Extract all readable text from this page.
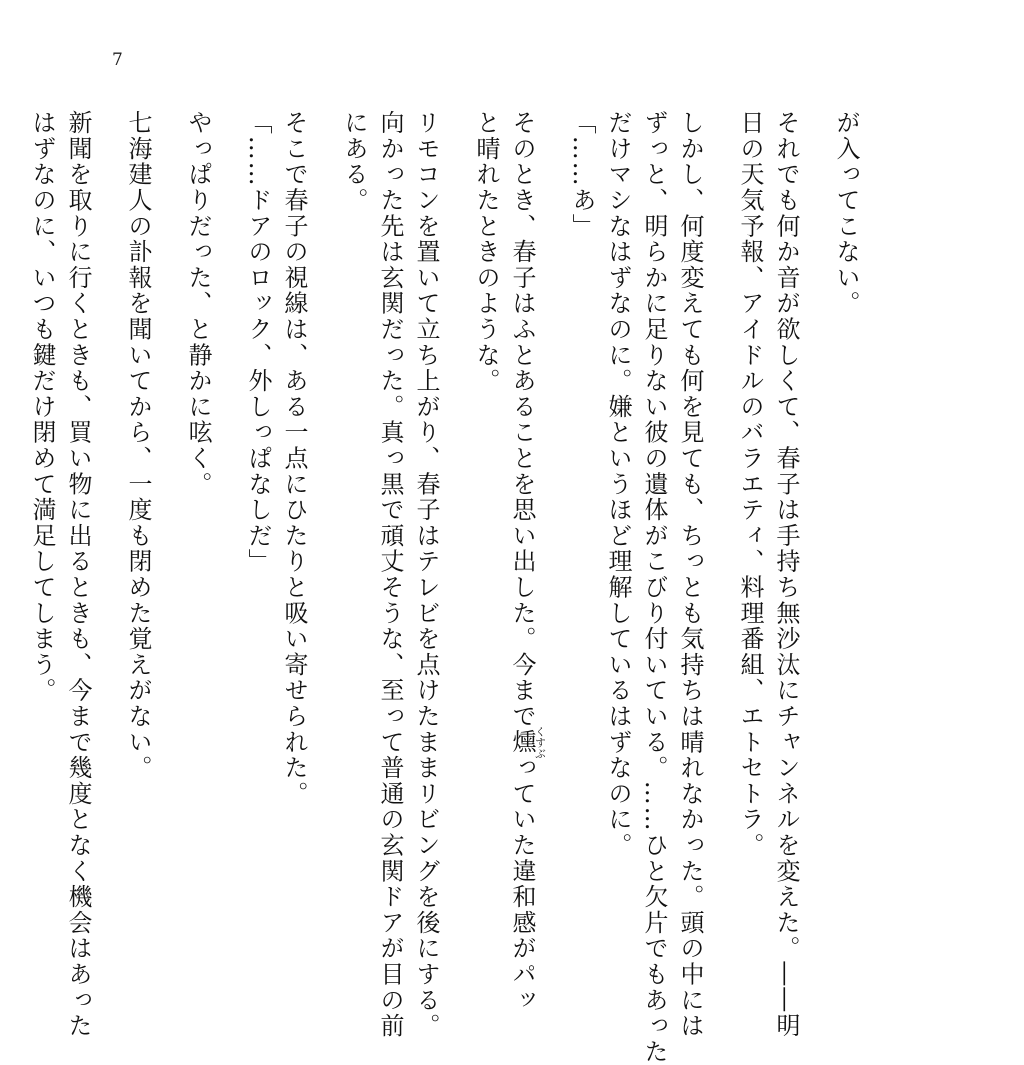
7
が入ってこない。
それでも何か音が欲しくて、春子は手持ち無沙汰にチャンネルを変えた。――明
日の天気予報、アイドルのバラエティ、料理番組、エトセトラ。
しかし、何度変えても何を見ても、ちっとも気持ちは晴れなかった。頭の中には
ずっと、明らかに足りない彼の遺体がこびり付いている。……ひと欠片でもあった
だけマシなはずなのに。嫌というほど理解しているはずなのに。
「……あ」
そのとき、春子はふとあることを思い出した。今まで燻くすぶっていた違和感がパッ
と晴れたときのような。
リモコンを置いて立ち上がり、春子はテレビを点けたままリビングを後にする。
向かった先は玄関だった。真っ黒で頑丈そうな、至って普通の玄関ドアが目の前
にある。
そこで春子の視線は、ある一点にひたりと吸い寄せられた。
「……ドアのロック、外しっぱなしだ」
やっぱりだった、と静かに呟く。
七海建人の訃報を聞いてから、一度も閉めた覚えがない。
新聞を取りに行くときも、買い物に出るときも、今まで幾度となく機会はあった
はずなのに、いつも鍵だけ閉めて満足してしまう。
